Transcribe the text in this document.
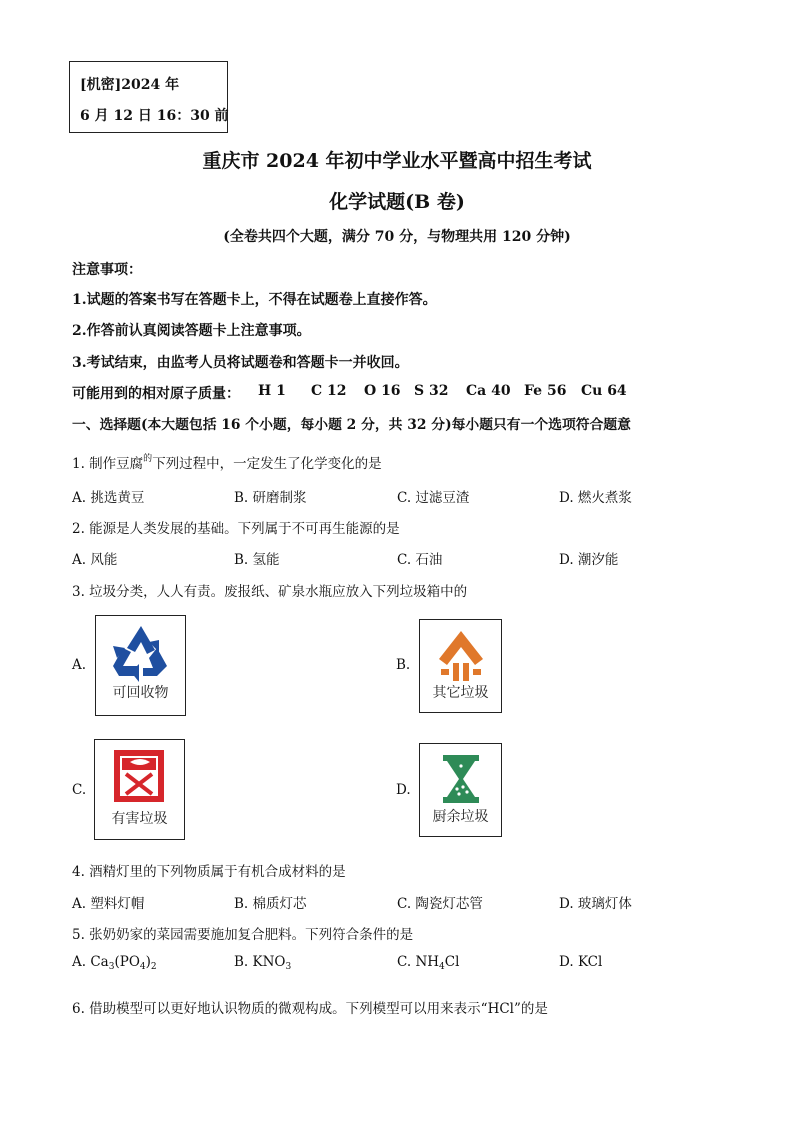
[机密]2024 年
6 月 12 日 16：30 前
重庆市 2024 年初中学业水平暨高中招生考试
化学试题(B 卷)
(全卷共四个大题，满分 70 分，与物理共用 120 分钟)
注意事项：
1.试题的答案书写在答题卡上，不得在试题卷上直接作答。
2.作答前认真阅读答题卡上注意事项。
3.考试结束，由监考人员将试题卷和答题卡一并收回。
可能用到的相对原子质量： H 1 C 12 O 16 S 32 Ca 40 Fe 56 Cu 64
一、选择题(本大题包括 16 个小题，每小题 2 分，共 32 分)每小题只有一个选项符合题意
1. 制作豆腐$^的$下列过程中，一定发生了化学变化的是
A. 挑选黄豆	B. 研磨制浆	C. 过滤豆渣	D. 燃火煮浆
2. 能源是人类发展的基础。下列属于不可再生能源的是
A. 风能	B. 氢能	C. 石油	D. 潮汐能
3. 垃圾分类，人人有责。废报纸、矿泉水瓶应放入下列垃圾箱中的
A.
可回收物
B.
其它垃圾
C.
有害垃圾
D.
厨余垃圾
4. 酒精灯里的下列物质属于有机合成材料的是
A. 塑料灯帽	B. 棉质灯芯	C. 陶瓷灯芯管	D. 玻璃灯体
5. 张奶奶家的菜园需要施加复合肥料。下列符合条件的是
A. $Ca_3(PO_4)_2$	B. $KNO_3$	C. $NH_4Cl$	D. KCl
6. 借助模型可以更好地认识物质的微观构成。下列模型可以用来表示“HCl”的是
